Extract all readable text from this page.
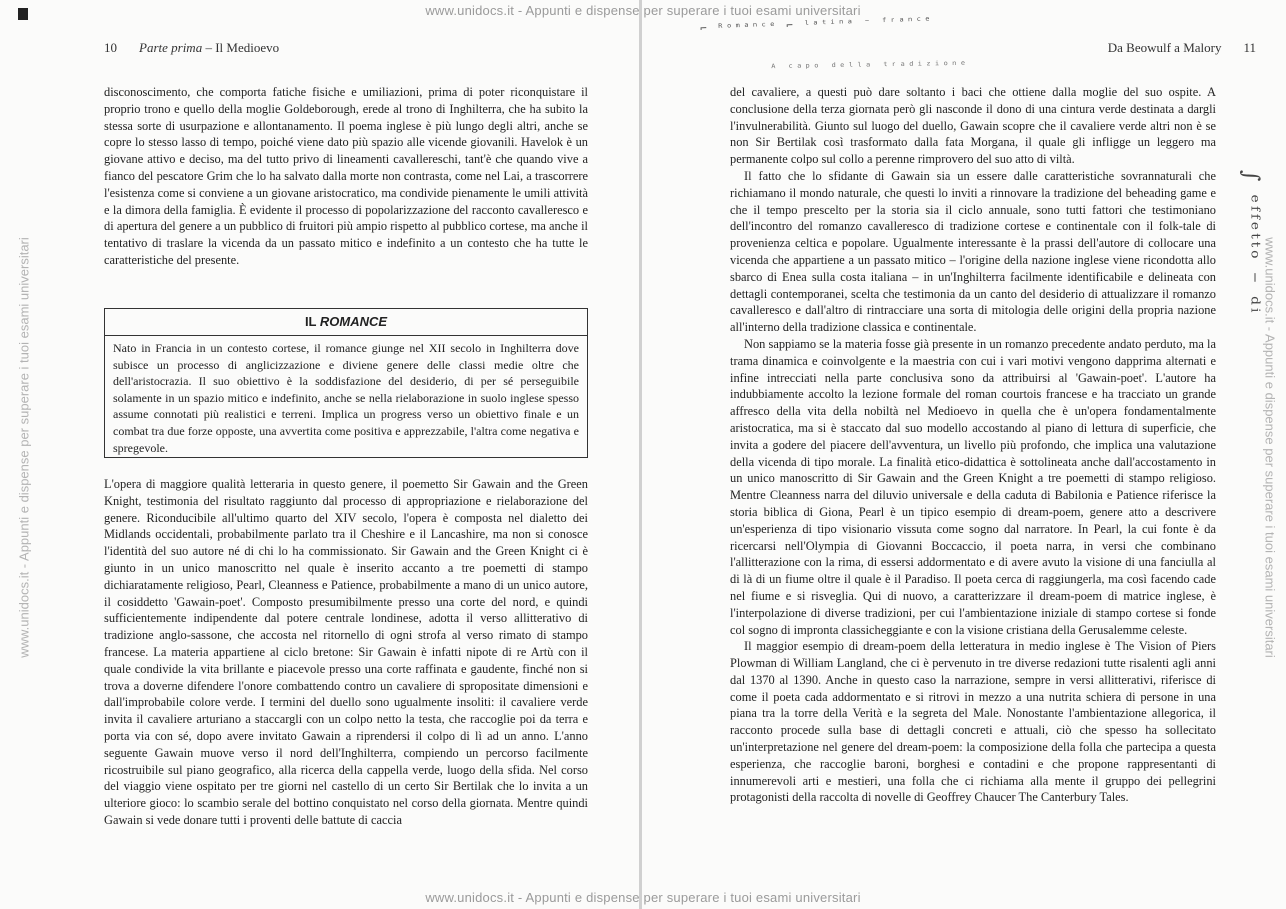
10 Parte prima – Il Medioevo

disconoscimento, che comporta fatiche fisiche e umiliazioni, prima di poter riconquistare il proprio trono e quello della moglie Goldeborough, erede al trono di Inghilterra, che ha subito la stessa sorte di usurpazione e allontanamento. Il poema inglese è più lungo degli altri, anche se copre lo stesso lasso di tempo, poiché viene dato più spazio alle vicende giovanili. Havelok è un giovane attivo e deciso, ma del tutto privo di lineamenti cavallereschi, tant'è che quando vive a fianco del pescatore Grim che lo ha salvato dalla morte non contrasta, come nel Lai, a trascorrere l'esistenza come si conviene a un giovane aristocratico, ma condivide pienamente le umili attività e la dimora della famiglia. È evidente il processo di popolarizzazione del racconto cavalleresco e di apertura del genere a un pubblico di fruitori più ampio rispetto al pubblico cortese, ma anche il tentativo di traslare la vicenda da un passato mitico e indefinito a un contesto che ha tutte le caratteristiche del presente.

IL ROMANCE
Nato in Francia in un contesto cortese, il romance giunge nel XII secolo in Inghilterra dove subisce un processo di anglicizzazione e diviene genere delle classi medie oltre che dell'aristocrazia. Il suo obiettivo è la soddisfazione del desiderio, di per sé perseguibile solamente in un spazio mitico e indefinito, anche se nella rielaborazione in suolo inglese spesso assume connotati più realistici e terreni. Implica un progress verso un obiettivo finale e un combat tra due forze opposte, una avvertita come positiva e apprezzabile, l'altra come negativa e spregevole.

L'opera di maggiore qualità letteraria in questo genere, il poemetto Sir Gawain and the Green Knight, testimonia del risultato raggiunto dal processo di appropriazione e rielaborazione del genere. Riconducibile all'ultimo quarto del XIV secolo, l'opera è composta nel dialetto dei Midlands occidentali, probabilmente parlato tra il Cheshire e il Lancashire, ma non si conosce l'identità del suo autore né di chi lo ha commissionato. Sir Gawain and the Green Knight ci è giunto in un unico manoscritto nel quale è inserito accanto a tre poemetti di stampo dichiaratamente religioso, Pearl, Cleanness e Patience, probabilmente a mano di un unico autore, il cosiddetto 'Gawain-poet'. Composto presumibilmente presso una corte del nord, e quindi sufficientemente indipendente dal potere centrale londinese, adotta il verso allitterativo di tradizione anglo-sassone, che accosta nel ritornello di ogni strofa al verso rimato di stampo francese. La materia appartiene al ciclo bretone: Sir Gawain è infatti nipote di re Artù con il quale condivide la vita brillante e piacevole presso una corte raffinata e gaudente, finché non si trova a doverne difendere l'onore combattendo contro un cavaliere di spropositate dimensioni e dall'improbabile colore verde. I termini del duello sono ugualmente insoliti: il cavaliere verde invita il cavaliere arturiano a staccargli con un colpo netto la testa, che raccoglie poi da terra e porta via con sé, dopo avere invitato Gawain a riprendersi il colpo di lì ad un anno. L'anno seguente Gawain muove verso il nord dell'Inghilterra, compiendo un percorso facilmente ricostruibile sul piano geografico, alla ricerca della cappella verde, luogo della sfida. Nel corso del viaggio viene ospitato per tre giorni nel castello di un certo Sir Bertilak che lo invita a un ulteriore gioco: lo scambio serale del bottino conquistato nel corso della giornata. Mentre quindi Gawain si vede donare tutti i proventi delle battute di caccia

Da Beowulf a Malory 11

del cavaliere, a questi può dare soltanto i baci che ottiene dalla moglie del suo ospite. A conclusione della terza giornata però gli nasconde il dono di una cintura verde destinata a dargli l'invulnerabilità. Giunto sul luogo del duello, Gawain scopre che il cavaliere verde altri non è se non Sir Bertilak così trasformato dalla fata Morgana, il quale gli infligge un leggero ma permanente colpo sul collo a perenne rimprovero del suo atto di viltà.

Il fatto che lo sfidante di Gawain sia un essere dalle caratteristiche sovrannaturali che richiamano il mondo naturale, che questi lo inviti a rinnovare la tradizione del beheading game e che il tempo prescelto per la storia sia il ciclo annuale, sono tutti fattori che testimoniano dell'incontro del romanzo cavalleresco di tradizione cortese e continentale con il folk-tale di provenienza celtica e popolare. Ugualmente interessante è la prassi dell'autore di collocare una vicenda che appartiene a un passato mitico – l'origine della nazione inglese viene ricondotta allo sbarco di Enea sulla costa italiana – in un'Inghilterra facilmente identificabile e delineata con dettagli contemporanei, scelta che testimonia da un canto del desiderio di attualizzare il romanzo cavalleresco e dall'altro di rintracciare una sorta di mitologia delle origini della propria nazione all'interno della tradizione classica e continentale.

Non sappiamo se la materia fosse già presente in un romanzo precedente andato perduto, ma la trama dinamica e coinvolgente e la maestria con cui i vari motivi vengono dapprima alternati e infine intrecciati nella parte conclusiva sono da attribuirsi al 'Gawain-poet'. L'autore ha indubbiamente accolto la lezione formale del roman courtois francese e ha tracciato un grande affresco della vita della nobiltà nel Medioevo in quella che è un'opera fondamentalmente aristocratica, ma si è staccato dal suo modello accostando al piano di lettura di superficie, che invita a godere del piacere dell'avventura, un livello più profondo, che implica una valutazione della vicenda di tipo morale. La finalità etico-didattica è sottolineata anche dall'accostamento in un unico manoscritto di Sir Gawain and the Green Knight a tre poemetti di stampo religioso. Mentre Cleanness narra del diluvio universale e della caduta di Babilonia e Patience riferisce la storia biblica di Giona, Pearl è un tipico esempio di dream-poem, genere atto a descrivere un'esperienza di tipo visionario vissuta come sogno dal narratore. In Pearl, la cui fonte è da ricercarsi nell'Olympia di Giovanni Boccaccio, il poeta narra, in versi che combinano l'allitterazione con la rima, di essersi addormentato e di avere avuto la visione di una fanciulla al di là di un fiume oltre il quale è il Paradiso. Il poeta cerca di raggiungerla, ma così facendo cade nel fiume e si risveglia. Qui di nuovo, a caratterizzare il dream-poem di matrice inglese, è l'interpolazione di diverse tradizioni, per cui l'ambientazione iniziale di stampo cortese si fonde col sogno di impronta classicheggiante e con la visione cristiana della Gerusalemme celeste.

Il maggior esempio di dream-poem della letteratura in medio inglese è The Vision of Piers Plowman di William Langland, che ci è pervenuto in tre diverse redazioni tutte risalenti agli anni dal 1370 al 1390. Anche in questo caso la narrazione, sempre in versi allitterativi, riferisce di come il poeta cada addormentato e si ritrovi in mezzo a una nutrita schiera di persone in una piana tra la torre della Verità e la segreta del Male. Nonostante l'ambientazione allegorica, il racconto procede sulla base di dettagli concreti e attuali, ciò che spesso ha sollecitato un'interpretazione nel genere del dream-poem: la composizione della folla che partecipa a questa esperienza, che raccoglie baroni, borghesi e contadini e che propone rappresentanti di innumerevoli arti e mestieri, una folla che ci richiama alla mente il gruppo dei pellegrini protagonisti della raccolta di novelle di Geoffrey Chaucer The Canterbury Tales.

⌐ ᴿᵒᵐᵃⁿᶜᵉ ⌐ ˡᵃᵗⁱⁿᵃ ⁻ ᶠʳᵃⁿᶜᵉ
ᴬ ᶜᵃᵖᵒ ᵈᵉˡˡᵃ ᵗʳᵃᵈⁱᶻⁱᵒⁿᵉ
∫ ᵉᶠᶠᵉᵗᵗᵒ ⁻ ᵈⁱ
www.unidocs.it - Appunti e dispense per superare i tuoi esami universitari
www.unidocs.it - Appunti e dispense per superare i tuoi esami universitari
www.unidocs.it - Appunti e dispense per superare i tuoi esami universitari	www.unidocs.it - Appunti e dispense per superare i tuoi esami universitari
